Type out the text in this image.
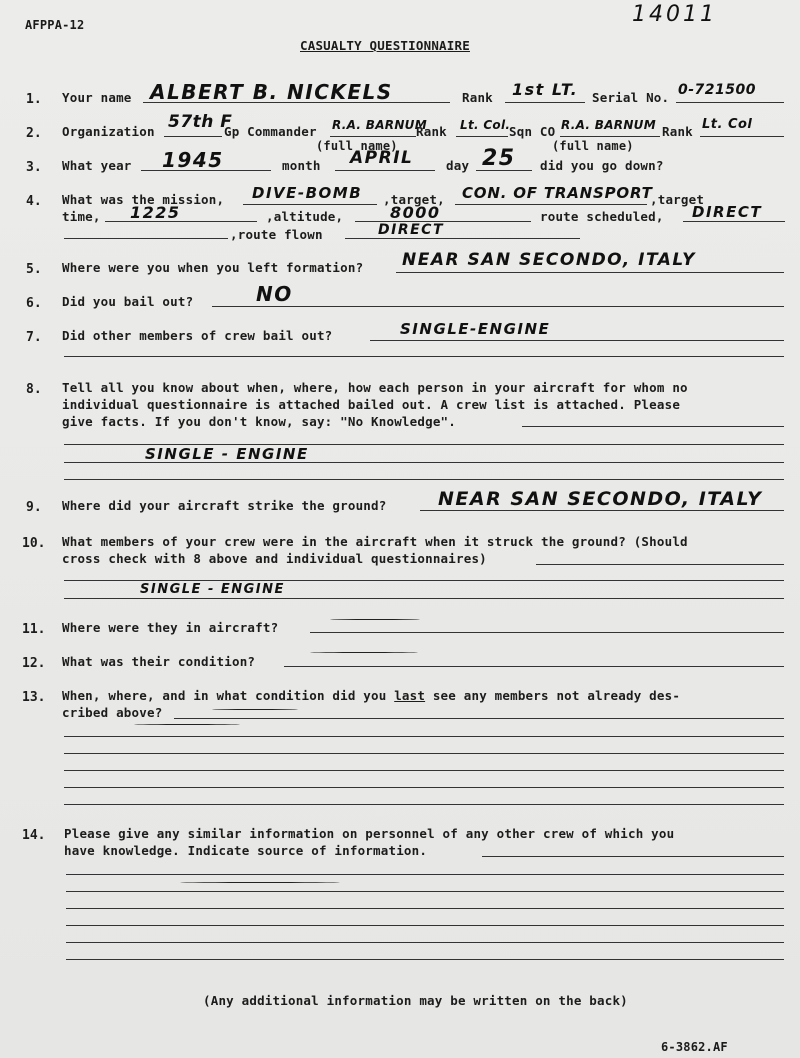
AFPPA-12	14011
CASUALTY QUESTIONNAIRE
1. Your name ALBERT B. NICKELS	Rank 1st LT. Serial No. 0-721500
2. Organization 57th F
Gp Commander R.A. BARNUM
Rank Lt. Col.
Sqn CO R.A. BARNUM Rank Lt. Col
(full name)	(full name)
3. What year 1945	month APRIL	day 25 did you go down?
4. What was the mission, DIVE-BOMB ,target, CON. OF TRANSPORT
,target
time, 1225	,altitude,	8000	route scheduled, DIRECT
,route flown	DIRECT
5. Where were you when you left formation? NEAR SAN SECONDO, ITALY
6. Did you bail out?	NO
7. Did other members of crew bail out?	SINGLE-ENGINE
8. Tell all you know about when, where, how each person in your aircraft for whom no
individual questionnaire is attached bailed out. A crew list is attached. Please
give facts. If you don't know, say: "No Knowledge".
SINGLE - ENGINE
9. Where did your aircraft strike the ground?	NEAR SAN SECONDO, ITALY
10. What members of your crew were in the aircraft when it struck the ground? (Should
cross check with 8 above and individual questionnaires)
SINGLE - ENGINE
11. Where were they in aircraft?
12. What was their condition?
13. When, where, and in what condition did you last see any members not already des-
cribed above?
14. Please give any similar information on personnel of any other crew of which you
have knowledge. Indicate source of information.
(Any additional information may be written on the back)
6-3862.AF
